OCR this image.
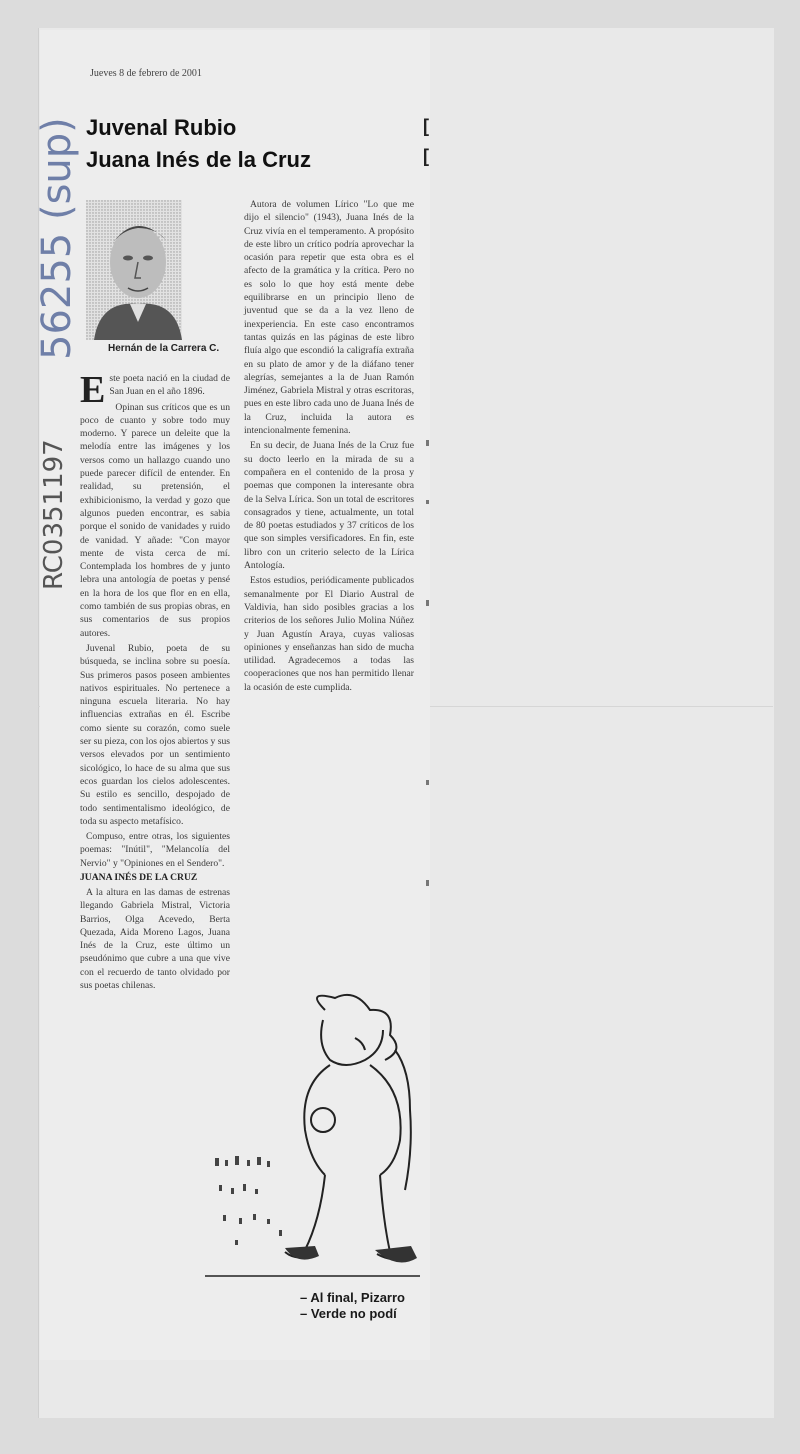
Jueves 8 de febrero de 2001
Juvenal Rubio
Juana Inés de la Cruz
[
[
Hernán de la Carrera C.

Este poeta nació en la ciudad de San Juan en el año 1896.

Opinan sus críticos que es un poco de cuanto y sobre todo muy moderno. Y parece un deleite que la melodía entre las imágenes y los versos como un hallazgo cuando uno puede parecer difícil de entender. En realidad, su pretensión, el exhibicionismo, la verdad y gozo que algunos pueden encontrar, es sabia porque el sonido de vanidades y ruido de vanidad. Y añade: "Con mayor mente de vista cerca de mí. Contemplada los hombres de y junto lebra una antología de poetas y pensé en la hora de los que flor en en ella, como también de sus propias obras, en sus comentarios de sus propios autores.

Juvenal Rubio, poeta de su búsqueda, se inclina sobre su poesía. Sus primeros pasos poseen ambientes nativos espirituales. No pertenece a ninguna escuela literaria. No hay influencias extrañas en él. Escribe como siente su corazón, como suele ser su pieza, con los ojos abiertos y sus versos elevados por un sentimiento sicológico, lo hace de su alma que sus ecos guardan los cielos adolescentes. Su estilo es sencillo, despojado de todo sentimentalismo ideológico, de toda su aspecto metafísico.

Compuso, entre otras, los siguientes poemas: "Inútil", "Melancolía del Nervio" y "Opiniones en el Sendero".

JUANA INÉS DE LA CRUZ

A la altura en las damas de estrenas llegando Gabriela Mistral, Victoria Barrios, Olga Acevedo, Berta Quezada, Aida Moreno Lagos, Juana Inés de la Cruz, este último un pseudónimo que cubre a una que vive con el recuerdo de tanto olvidado por sus poetas chilenas.

Autora de volumen Lírico "Lo que me dijo el silencio" (1943), Juana Inés de la Cruz vivía en el temperamento. A propósito de este libro un crítico podría aprovechar la ocasión para repetir que esta obra es el afecto de la gramática y la crítica. Pero no es solo lo que hoy está mente debe equilibrarse en un principio lleno de juventud que se da a la vez lleno de inexperiencia. En este caso encontramos tantas quizás en las páginas de este libro fluía algo que escondió la caligrafía extraña en su plato de amor y de la diáfano tener alegrías, semejantes a la de Juan Ramón Jiménez, Gabriela Mistral y otras escritoras, pues en este libro cada uno de Juana Inés de la Cruz, incluida la autora es intencionalmente femenina.

En su decir, de Juana Inés de la Cruz fue su docto leerlo en la mirada de su a compañera en el contenido de la prosa y poemas que componen la interesante obra de la Selva Lírica. Son un total de escritores consagrados y tiene, actualmente, un total de 80 poetas estudiados y 37 críticos de los que son simples versificadores. En fin, este libro con un criterio selecto de la Lírica Antología.

Estos estudios, periódicamente publicados semanalmente por El Diario Austral de Valdivia, han sido posibles gracias a los criterios de los señores Julio Molina Núñez y Juan Agustín Araya, cuyas valiosas opiniones y enseñanzas han sido de mucha utilidad. Agradecemos a todas las cooperaciones que nos han permitido llenar la ocasión de este cumplida.

– Al final, Pizarro
– Verde no podí
56255 (sup)
RC0351197
